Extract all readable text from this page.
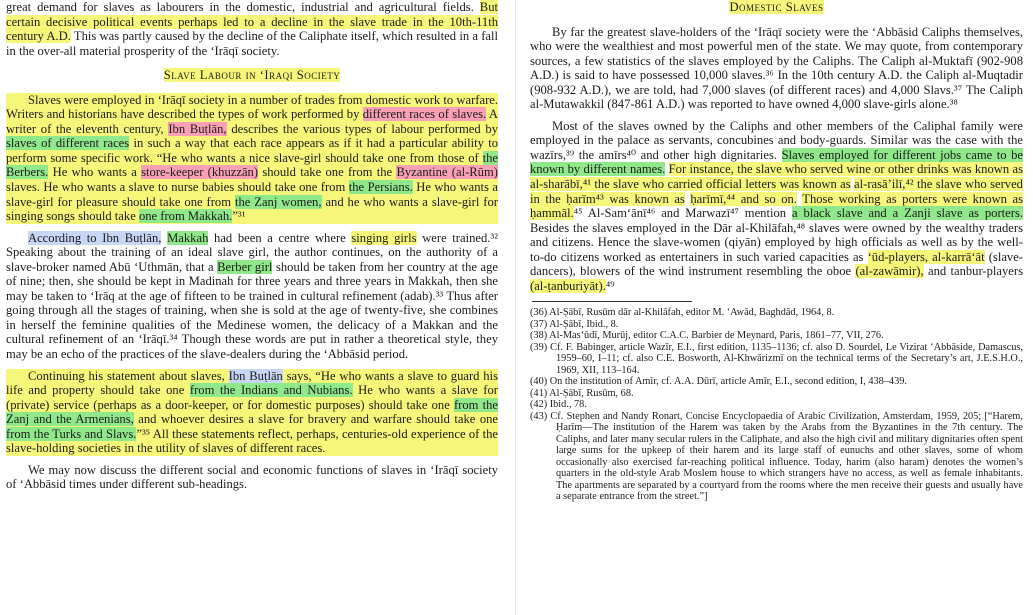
great demand for slaves as labourers in the domestic, industrial and agricultural fields. But certain decisive political events perhaps led to a decline in the slave trade in the 10th-11th century A.D. This was partly caused by the decline of the Caliphate itself, which resulted in a fall in the over-all material prosperity of the ‘Irāqī society.

Slave Labour in ‘Iraqi Society

Slaves were employed in ‘Irāqī society in a number of trades from domestic work to warfare. Writers and historians have described the types of work performed by different races of slaves. A writer of the eleventh century, Ibn Buṭlān, describes the various types of labour performed by slaves of different races in such a way that each race appears as if it had a particular ability to perform some specific work. “He who wants a nice slave-girl should take one from those of the Berbers. He who wants a store-keeper (khuzzān) should take one from the Byzantine (al-Rūm) slaves. He who wants a slave to nurse babies should take one from the Persians. He who wants a slave-girl for pleasure should take one from the Zanj women, and he who wants a slave-girl for singing songs should take one from Makkah.”³¹

According to Ibn Buṭlān, Makkah had been a centre where singing girls were trained.³² Speaking about the training of an ideal slave girl, the author continues, on the authority of a slave-broker named Abū ‘Uthmān, that a Berber girl should be taken from her country at the age of nine; then, she should be kept in Madinah for three years and three years in Makkah, then she may be taken to ‘Irāq at the age of fifteen to be trained in cultural refinement (adab).³³ Thus after going through all the stages of training, when she is sold at the age of twenty-five, she combines in herself the feminine qualities of the Medinese women, the delicacy of a Makkan and the cultural refinement of an ‘Irāqī.³⁴ Though these words are put in rather a theoretical style, they may be an echo of the practices of the slave-dealers during the ‘Abbāsid period.

Continuing his statement about slaves, Ibn Buṭlān says, “He who wants a slave to guard his life and property should take one from the Indians and Nubians. He who wants a slave for (private) service (perhaps as a door-keeper, or for domestic purposes) should take one from the Zanj and the Armenians, and whoever desires a slave for bravery and warfare should take one from the Turks and Slavs.”³⁵ All these statements reflect, perhaps, centuries-old experience of the slave-holding societies in the utility of slaves of different races.

We may now discuss the different social and economic functions of slaves in ‘Irāqī society of ‘Abbāsid times under different sub-headings.

Domestic Slaves

By far the greatest slave-holders of the ‘Irāqī society were the ‘Abbāsid Caliphs themselves, who were the wealthiest and most powerful men of the state. We may quote, from contemporary sources, a few statistics of the slaves employed by the Caliphs. The Caliph al-Muktafī (902-908 A.D.) is said to have possessed 10,000 slaves.³⁶ In the 10th century A.D. the Caliph al-Muqtadir (908-932 A.D.), we are told, had 7,000 slaves (of different races) and 4,000 Slavs.³⁷ The Caliph al-Mutawakkil (847-861 A.D.) was reported to have owned 4,000 slave-girls alone.³⁸

Most of the slaves owned by the Caliphs and other members of the Caliphal family were employed in the palace as servants, concubines and body-guards. Similar was the case with the wazīrs,³⁹ the amīrs⁴⁰ and other high dignitaries. Slaves employed for different jobs came to be known by different names. For instance, the slave who served wine or other drinks was known as al-sharābī,⁴¹ the slave who carried official letters was known as al-rasā’ilī,⁴² the slave who served in the ḥarīm⁴³ was known as ḥarīmī,⁴⁴ and so on. Those working as porters were known as ḥammāl.⁴⁵ Al-Sam‘ānī⁴⁶ and Marwazī⁴⁷ mention a black slave and a Zanji slave as porters. Besides the slaves employed in the Dār al-Khilāfah,⁴⁸ slaves were owned by the wealthy traders and citizens. Hence the slave-women (qiyān) employed by high officials as well as by the well-to-do citizens worked as entertainers in such varied capacities as ‘ūd-players, al-karrā‘āt (slave-dancers), blowers of the wind instrument resembling the oboe (al-zawāmir), and tanbur-players (al-ṭanburiyāt).⁴⁹

(36) Al-Ṣābī, Rusūm dār al-Khilāfah, editor M. ‘Awād, Baghdād, 1964, 8.

(37) Al-Ṣābī, Ibid., 8.

(38) Al-Mas‘ūdī, Murūj, editor C.A.C. Barbier de Meynard, Paris, 1861–77, VII, 276.

(39) Cf. F. Babinger, article Wazīr, E.I., first edition, 1135–1136; cf. also D. Sourdel, Le Vizirat ‘Abbāside, Damascus, 1959–60, I–11; cf. also C.E. Bosworth, Al-Khwārizmī on the technical terms of the Secretary’s art, J.E.S.H.O., 1969, XII, 113–164.

(40) On the institution of Amīr, cf. A.A. Dūrī, article Amīr, E.I., second edition, I, 438–439.

(41) Al-Ṣābī, Rusūm, 68.

(42) Ibid., 78.

(43) Cf. Stephen and Nandy Ronart, Concise Encyclopaedia of Arabic Civilization, Amsterdam, 1959, 205; [“Harem, Ḥarīm—The institution of the Harem was taken by the Arabs from the Byzantines in the 7th century. The Caliphs, and later many secular rulers in the Caliphate, and also the high civil and military dignitaries often spent large sums for the upkeep of their harem and its large staff of eunuchs and other slaves, some of whom occasionally also exercised far-reaching political influence. Today, harim (also haram) denotes the women’s quarters in the old-style Arab Moslem house to which strangers have no access, as well as female inhabitants. The apartments are separated by a courtyard from the rooms where the men receive their guests and usually have a separate entrance from the street.”]
